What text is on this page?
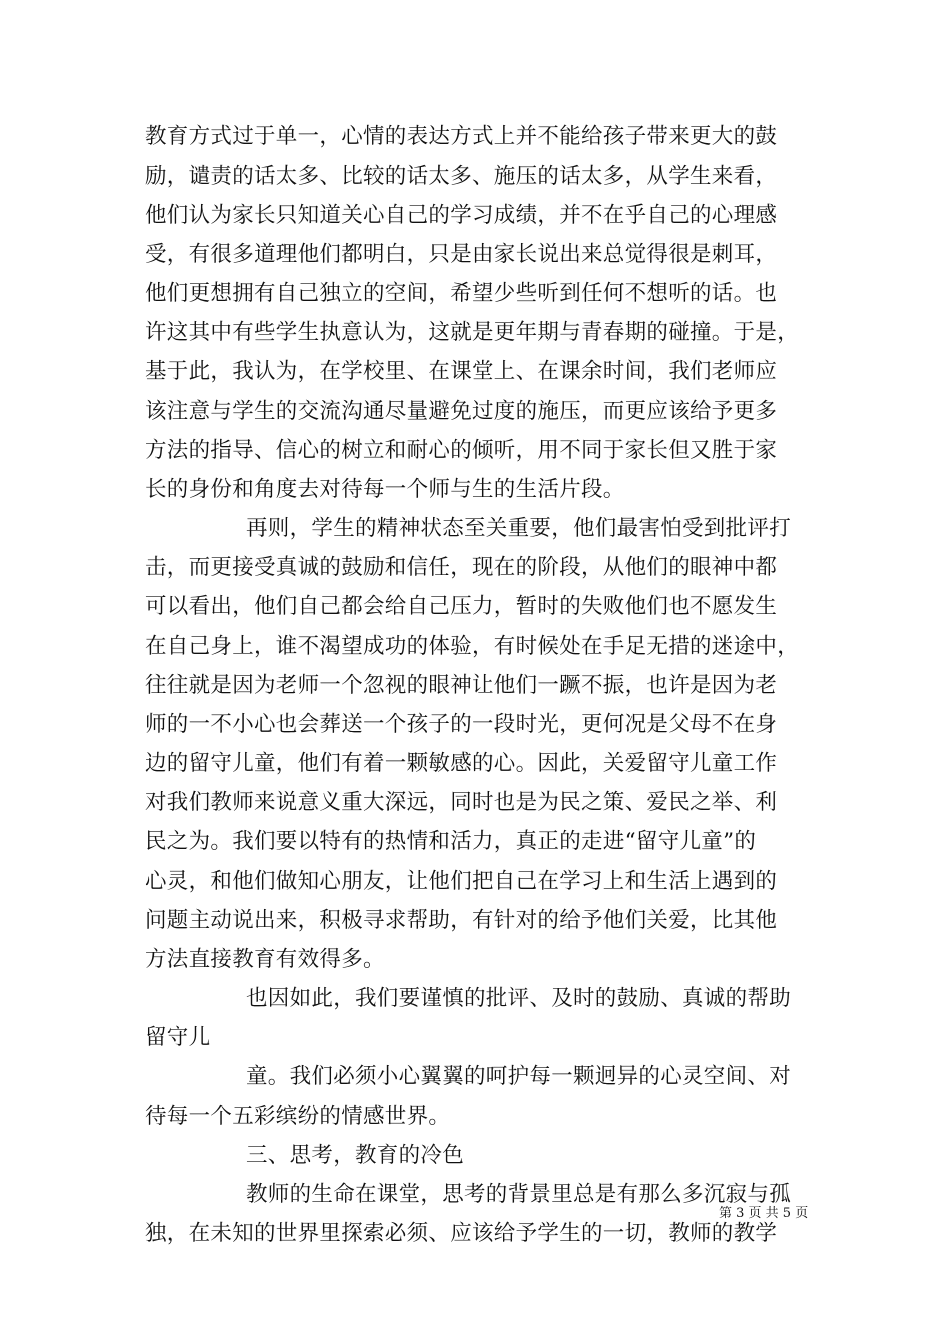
教育方式过于单一，心情的表达方式上并不能给孩子带来更大的鼓
励，谴责的话太多、比较的话太多、施压的话太多，从学生来看，
他们认为家长只知道关心自己的学习成绩，并不在乎自己的心理感
受，有很多道理他们都明白，只是由家长说出来总觉得很是刺耳，
他们更想拥有自己独立的空间，希望少些听到任何不想听的话。也
许这其中有些学生执意认为，这就是更年期与青春期的碰撞。于是，
基于此，我认为，在学校里、在课堂上、在课余时间，我们老师应
该注意与学生的交流沟通尽量避免过度的施压，而更应该给予更多
方法的指导、信心的树立和耐心的倾听，用不同于家长但又胜于家
长的身份和角度去对待每一个师与生的生活片段。
再则，学生的精神状态至关重要，他们最害怕受到批评打
击，而更接受真诚的鼓励和信任，现在的阶段，从他们的眼神中都
可以看出，他们自己都会给自己压力，暂时的失败他们也不愿发生
在自己身上，谁不渴望成功的体验，有时候处在手足无措的迷途中，
往往就是因为老师一个忽视的眼神让他们一蹶不振，也许是因为老
师的一不小心也会葬送一个孩子的一段时光，更何况是父母不在身
边的留守儿童，他们有着一颗敏感的心。因此，关爱留守儿童工作
对我们教师来说意义重大深远，同时也是为民之策、爱民之举、利
民之为。我们要以特有的热情和活力，真正的走进“留守儿童”的
心灵，和他们做知心朋友，让他们把自己在学习上和生活上遇到的
问题主动说出来，积极寻求帮助，有针对的给予他们关爱，比其他
方法直接教育有效得多。
也因如此，我们要谨慎的批评、及时的鼓励、真诚的帮助
留守儿
童。我们必须小心翼翼的呵护每一颗迥异的心灵空间、对
待每一个五彩缤纷的情感世界。
三、思考，教育的冷色
教师的生命在课堂，思考的背景里总是有那么多沉寂与孤
独，在未知的世界里探索必须、应该给予学生的一切，教师的教学
第 3 页 共 5 页
